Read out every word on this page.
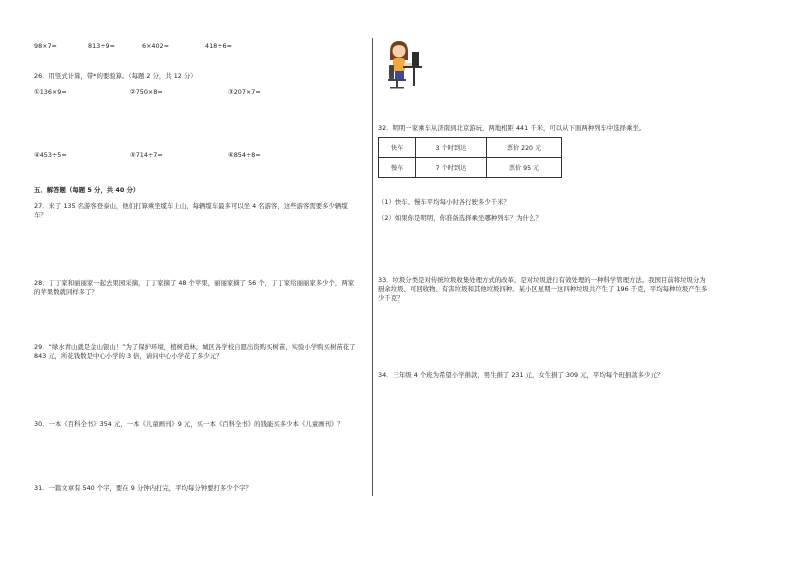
98×7=	813÷9=	6×402=	418÷6=
26．用竖式计算，带*的要验算。（每题 2 分，共 12 分）
①136×9=	②750×8=	③207×7=
④453÷5=	⑤714÷7=	⑥854÷8=
五．解答题（每题 5 分，共 40 分）
27．来了 135 名游客登泰山，他们打算乘坐缆车上山，每辆缆车最多可以坐 4 名游客，这些游客需要多少辆缆车？
28．丁丁家和丽丽家一起去果园采摘，丁丁家摘了 48 个苹果，丽丽家摘了 56 个，丁丁家给丽丽家多少个，两家的苹果数就同样多了？
29．“绿水青山就是金山银山！”为了保护环境，植树造林，城区各学校自愿出资购买树苗，实验小学购买树苗花了 843 元，所花钱数是中心小学的 3 倍，请问中心小学花了多少元？
30．一本《百科全书》354 元，一本《儿童画刊》9 元，买一本《百科全书》的钱能买多少本《儿童画刊》？
31．一篇文章有 540 个字，要在 9 分钟内打完，平均每分钟要打多少个字？
32．明明一家乘车从济南到北京游玩，两地相距 441 千米，可以从下面两种列车中选择乘坐。
快车	3 个时到达	票价 220 元
慢车	7 个时到达	票价 95 元
（1）快车、慢车平均每小时各行驶多少千米？
（2）如果你是明明，你准备选择乘坐哪种列车？为什么？
33．垃圾分类是对传统垃圾收集处理方式的改革，是对垃圾进行有效处理的一种科学管理方法。我国目前将垃圾分为厨余垃圾、可回收物、有害垃圾和其他垃圾四种。某小区星期一这四种垃圾共产生了 196 千克，平均每种垃圾产生多少千克？
34．三年级 4 个班为希望小学捐款，男生捐了 231 元，女生捐了 309 元，平均每个班捐款多少元？
